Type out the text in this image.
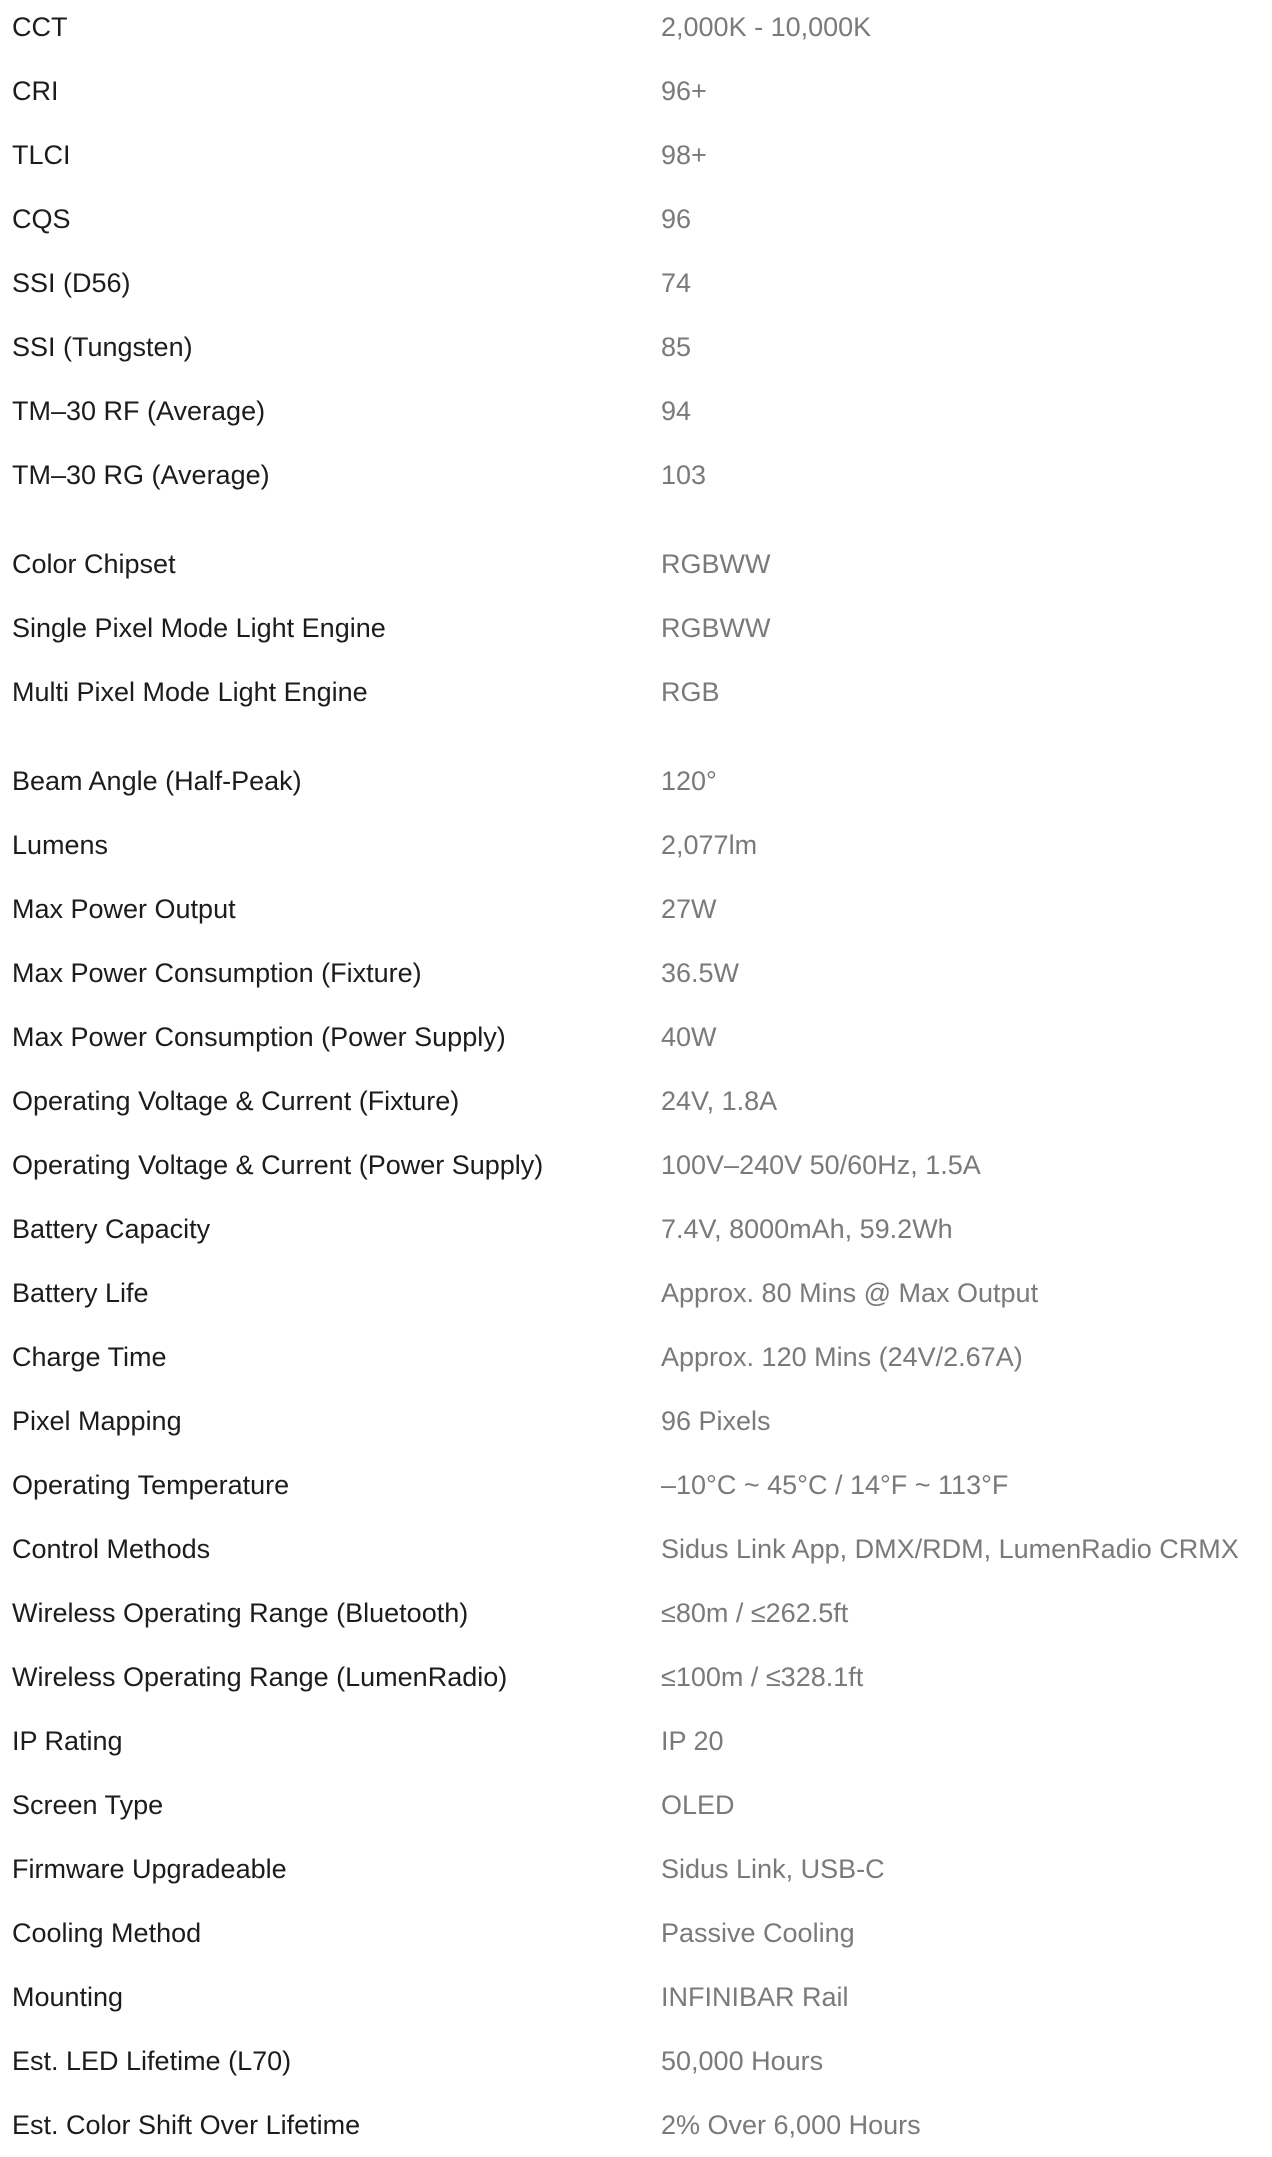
CCT	2,000K - 10,000K
CRI	96+
TLCI	98+
CQS	96
SSI (D56)	74
SSI (Tungsten)	85
TM–30 RF (Average)	94
TM–30 RG (Average)	103
Color Chipset	RGBWW
Single Pixel Mode Light Engine	RGBWW
Multi Pixel Mode Light Engine	RGB
Beam Angle (Half-Peak)	120°
Lumens	2,077lm
Max Power Output	27W
Max Power Consumption (Fixture)	36.5W
Max Power Consumption (Power Supply)	40W
Operating Voltage & Current (Fixture)	24V, 1.8A
Operating Voltage & Current (Power Supply)	100V–240V 50/60Hz, 1.5A
Battery Capacity	7.4V, 8000mAh, 59.2Wh
Battery Life	Approx. 80 Mins @ Max Output
Charge Time	Approx. 120 Mins (24V/2.67A)
Pixel Mapping	96 Pixels
Operating Temperature	–10°C ~ 45°C / 14°F ~ 113°F
Control Methods	Sidus Link App, DMX/RDM, LumenRadio CRMX
Wireless Operating Range (Bluetooth)	≤80m / ≤262.5ft
Wireless Operating Range (LumenRadio)	≤100m / ≤328.1ft
IP Rating	IP 20
Screen Type	OLED
Firmware Upgradeable	Sidus Link, USB-C
Cooling Method	Passive Cooling
Mounting	INFINIBAR Rail
Est. LED Lifetime (L70)	50,000 Hours
Est. Color Shift Over Lifetime	2% Over 6,000 Hours
